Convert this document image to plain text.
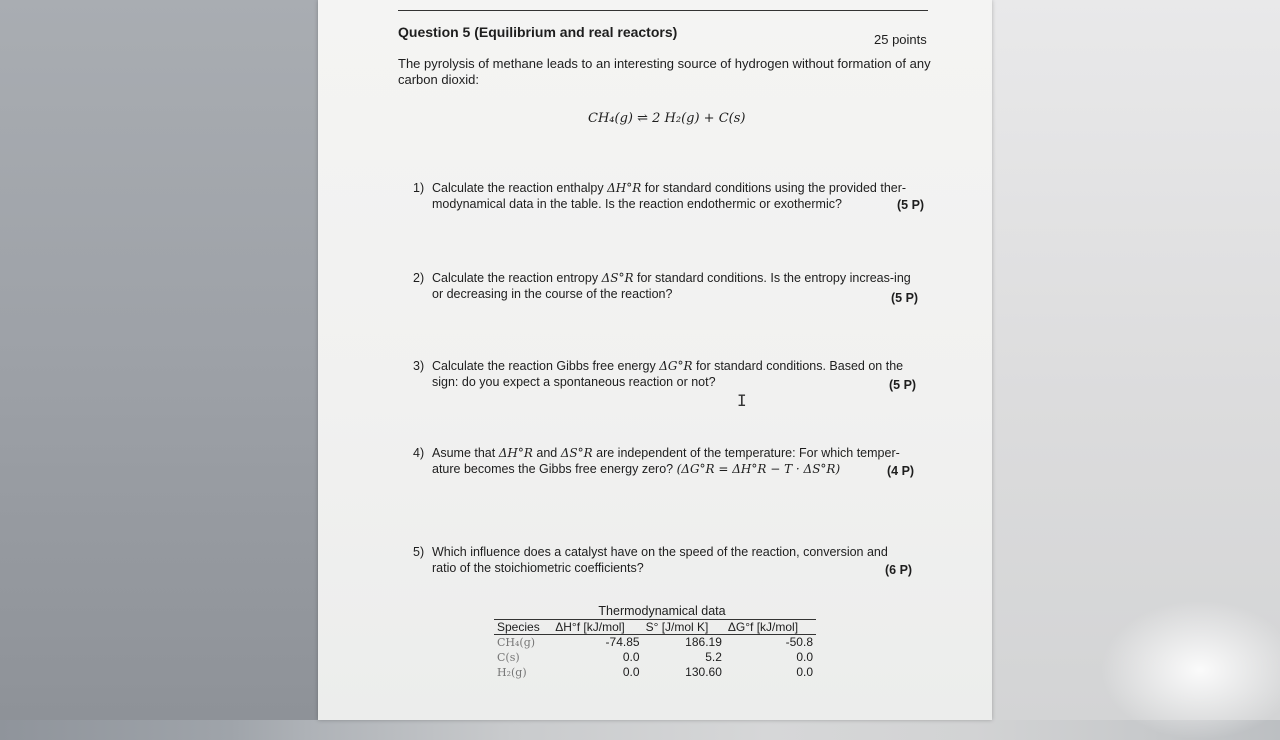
Question 5 (Equilibrium and real reactors)	25 points
The pyrolysis of methane leads to an interesting source of hydrogen without formation of any carbon dioxid:
CH₄(g) ⇌ 2 H₂(g) + C(s)
1) Calculate the reaction enthalpy ΔH°R for standard conditions using the provided ther-modynamical data in the table. Is the reaction endothermic or exothermic?	(5 P)
2) Calculate the reaction entropy ΔS°R for standard conditions. Is the entropy increas-ing or decreasing in the course of the reaction?	(5 P)
3) Calculate the reaction Gibbs free energy ΔG°R for standard conditions. Based on the sign: do you expect a spontaneous reaction or not?	(5 P)
I
4) Asume that ΔH°R and ΔS°R are independent of the temperature: For which temper-ature becomes the Gibbs free energy zero? (ΔG°R = ΔH°R − T · ΔS°R)	(4 P)
5) Which influence does a catalyst have on the speed of the reaction, conversion and ratio of the stoichiometric coefficients?	(6 P)
Thermodynamical data
Species	ΔH°f [kJ/mol]	S° [J/mol K]	ΔG°f [kJ/mol]
CH₄(g)	-74.85	186.19	-50.8
C(s)	0.0	5.2	0.0
H₂(g)	0.0	130.60	0.0
